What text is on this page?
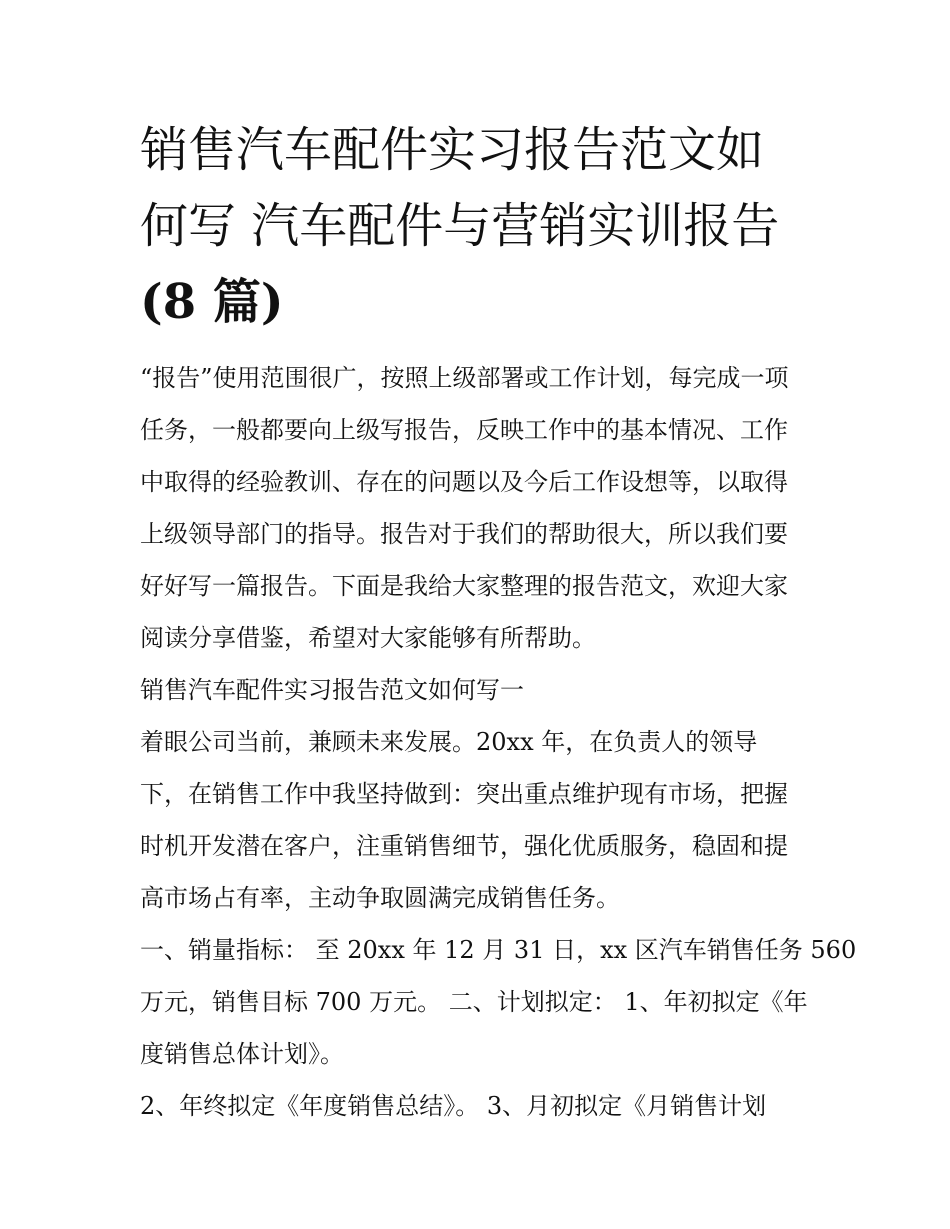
销售汽车配件实习报告范文如
何写 汽车配件与营销实训报告
(8 篇)
“报告”使用范围很广，按照上级部署或工作计划，每完成一项
任务，一般都要向上级写报告，反映工作中的基本情况、工作
中取得的经验教训、存在的问题以及今后工作设想等，以取得
上级领导部门的指导。报告对于我们的帮助很大，所以我们要
好好写一篇报告。下面是我给大家整理的报告范文，欢迎大家
阅读分享借鉴，希望对大家能够有所帮助。
销售汽车配件实习报告范文如何写一
着眼公司当前，兼顾未来发展。20xx 年，在负责人的领导
下，在销售工作中我坚持做到：突出重点维护现有市场，把握
时机开发潜在客户，注重销售细节，强化优质服务，稳固和提
高市场占有率，主动争取圆满完成销售任务。
一、销量指标： 至 20xx 年 12 月 31 日，xx 区汽车销售任务 560
万元，销售目标 700 万元。 二、计划拟定： 1、年初拟定《年
度销售总体计划》。
2、年终拟定《年度销售总结》。 3、月初拟定《月销售计划
